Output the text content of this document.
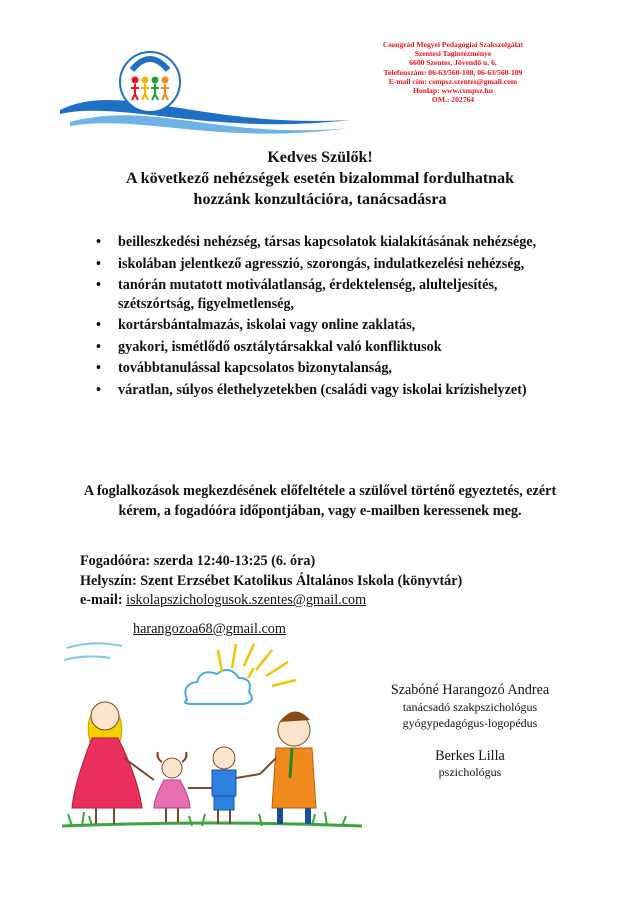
Csongrád Megyei Pedagógiai Szakszolgálat
Szentesi Tagintézménye
6600 Szentes, Jövendő u. 6.
Telefonszám: 06-63/560-108, 06-63/560-109
E-mail cím: csmpsz.szentes@gmail.com
Honlap: www.csmpsz.hu
OM.: 202764
Kedves Szülők!
A következő nehézségek esetén bizalommal fordulhatnak
hozzánk konzultációra, tanácsadásra
• beilleszkedési nehézség, társas kapcsolatok kialakításának nehézsége,
• iskolában jelentkező agresszió, szorongás, indulatkezelési nehézség,
• tanórán mutatott motiválatlanság, érdektelenség, alulteljesítés, szétszórtság, figyelmetlenség,
• kortársbántalmazás, iskolai vagy online zaklatás,
• gyakori, ismétlődő osztálytársakkal való konfliktusok
• továbbtanulással kapcsolatos bizonytalanság,
• váratlan, súlyos élethelyzetekben (családi vagy iskolai krízishelyzet)
A foglalkozások megkezdésének előfeltétele a szülővel történő egyeztetés, ezért kérem, a fogadóóra időpontjában, vagy e-mailben keressenek meg.
Fogadóóra: szerda 12:40-13:25 (6. óra)
Helyszín: Szent Erzsébet Katolikus Általános Iskola (könyvtár)
e-mail: iskolapszichologusok.szentes@gmail.com
harangozoa68@gmail.com
Szabóné Harangozó Andrea
tanácsadó szakpszichológus
gyógypedagógus-logopédus
Berkes Lilla
pszichológus
